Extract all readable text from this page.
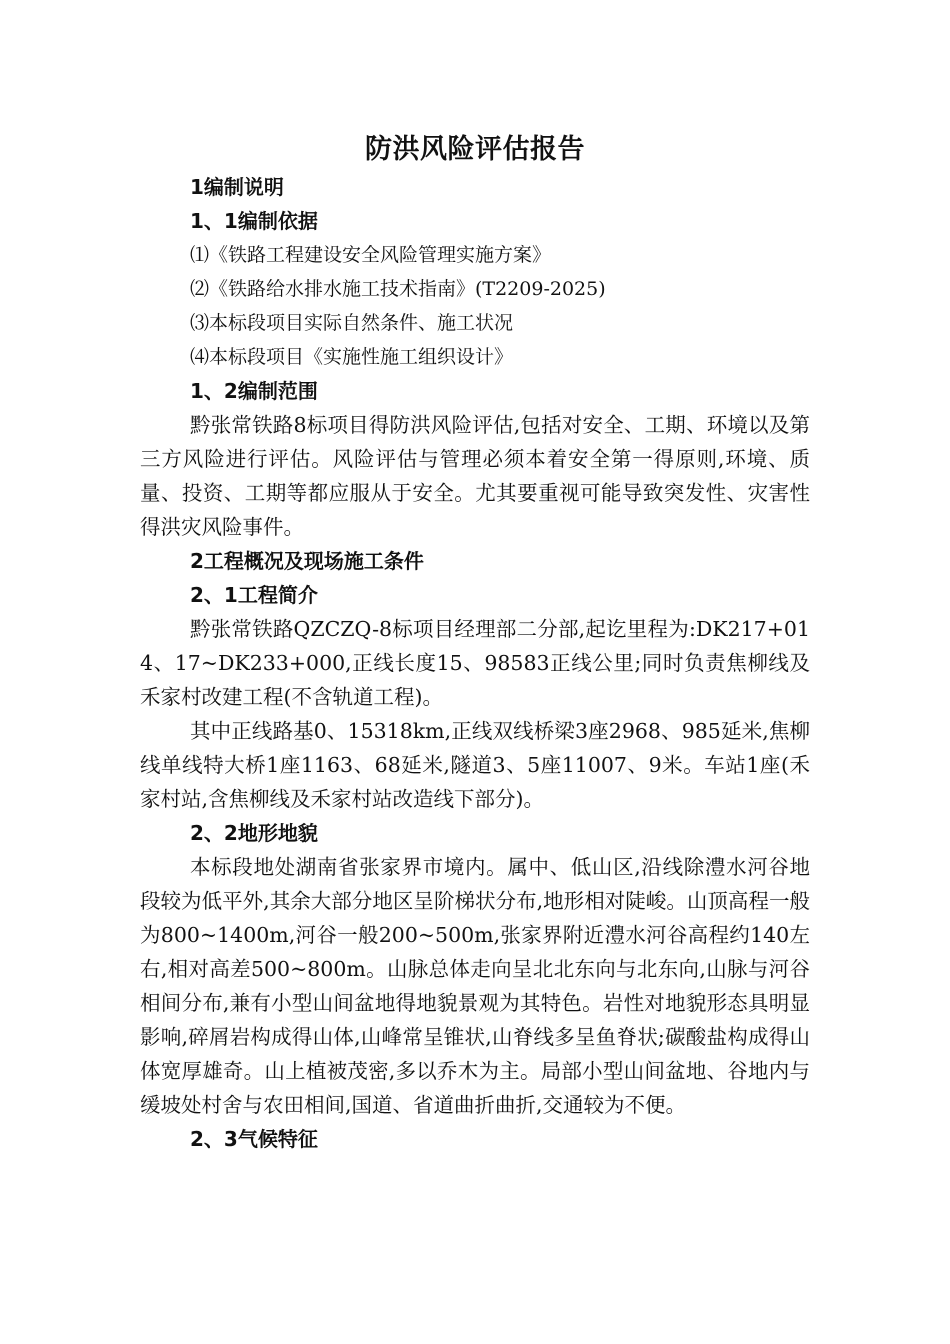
防洪风险评估报告

1编制说明

1、1编制依据

⑴《铁路工程建设安全风险管理实施方案》

⑵《铁路给水排水施工技术指南》(T2209-2025)

⑶本标段项目实际自然条件、施工状况

⑷本标段项目《实施性施工组织设计》

1、2编制范围

黔张常铁路8标项目得防洪风险评估,包括对安全、工期、环境以及第三方风险进行评估。风险评估与管理必须本着安全第一得原则,环境、质量、投资、工期等都应服从于安全。尤其要重视可能导致突发性、灾害性得洪灾风险事件。

2工程概况及现场施工条件

2、1工程简介

黔张常铁路QZCZQ-8标项目经理部二分部,起讫里程为:DK217+014、17~DK233+000,正线长度15、98583正线公里;同时负责焦柳线及禾家村改建工程(不含轨道工程)。

其中正线路基0、15318km,正线双线桥梁3座2968、985延米,焦柳线单线特大桥1座1163、68延米,隧道3、5座11007、9米。车站1座(禾家村站,含焦柳线及禾家村站改造线下部分)。

2、2地形地貌

本标段地处湖南省张家界市境内。属中、低山区,沿线除澧水河谷地段较为低平外,其余大部分地区呈阶梯状分布,地形相对陡峻。山顶高程一般为800~1400m,河谷一般200~500m,张家界附近澧水河谷高程约140左右,相对高差500~800m。山脉总体走向呈北北东向与北东向,山脉与河谷相间分布,兼有小型山间盆地得地貌景观为其特色。岩性对地貌形态具明显影响,碎屑岩构成得山体,山峰常呈锥状,山脊线多呈鱼脊状;碳酸盐构成得山体宽厚雄奇。山上植被茂密,多以乔木为主。局部小型山间盆地、谷地内与缓坡处村舍与农田相间,国道、省道曲折曲折,交通较为不便。

2、3气候特征
